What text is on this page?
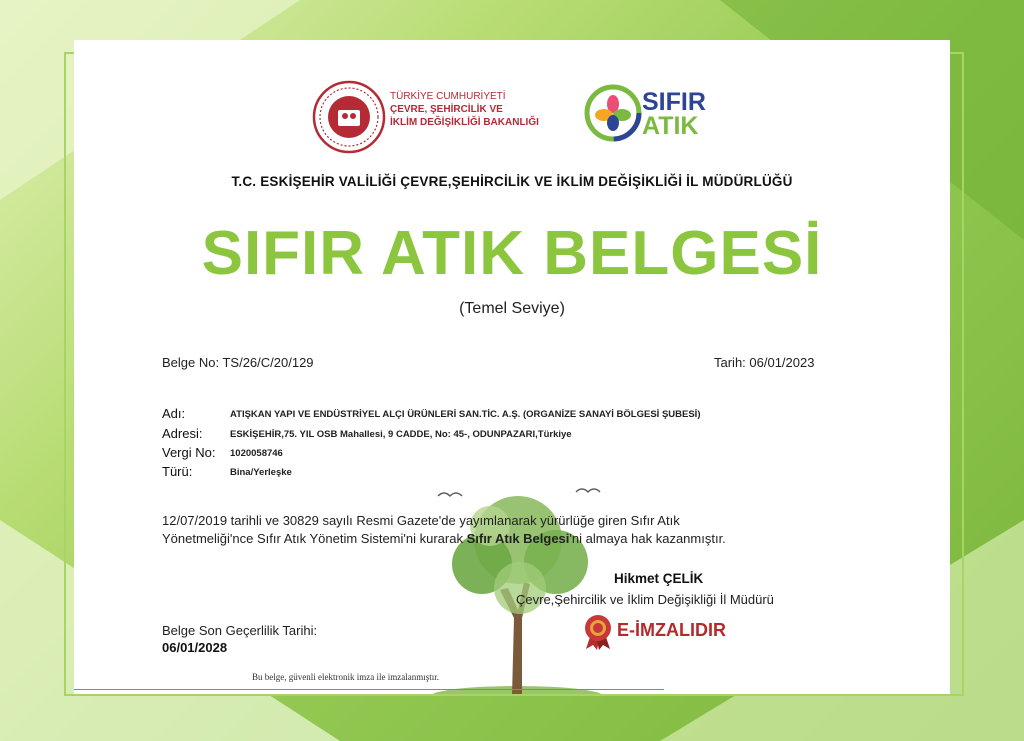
TÜRKİYE CUMHURİYETİ
ÇEVRE, ŞEHİRCİLİK VE
İKLİM DEĞİŞİKLİĞİ BAKANLIĞI
SIFIR
ATIK
T.C. ESKİŞEHİR VALİLİĞİ ÇEVRE,ŞEHİRCİLİK VE İKLİM DEĞİŞİKLİĞİ İL MÜDÜRLÜĞÜ
SIFIR ATIK BELGESİ
(Temel Seviye)
Belge No: TS/26/C/20/129	Tarih: 06/01/2023
Adı:	ATIŞKAN YAPI VE ENDÜSTRİYEL ALÇI ÜRÜNLERİ SAN.TİC. A.Ş. (ORGANİZE SANAYİ BÖLGESİ ŞUBESİ)
Adresi:	ESKİŞEHİR,75. YIL OSB Mahallesi, 9 CADDE, No: 45-, ODUNPAZARI,Türkiye
Vergi No: 1020058746
Türü:	Bina/Yerleşke
12/07/2019 tarihli ve 30829 sayılı Resmi Gazete'de yayımlanarak yürürlüğe giren Sıfır Atık
Yönetmeliği'nce Sıfır Atık Yönetim Sistemi'ni kurarak Sıfır Atık Belgesi'ni almaya hak kazanmıştır.
Hikmet ÇELİK
Çevre,Şehircilik ve İklim Değişikliği İl Müdürü
E-İMZALIDIR
Belge Son Geçerlilik Tarihi:
06/01/2028
Bu belge, güvenli elektronik imza ile imzalanmıştır.
